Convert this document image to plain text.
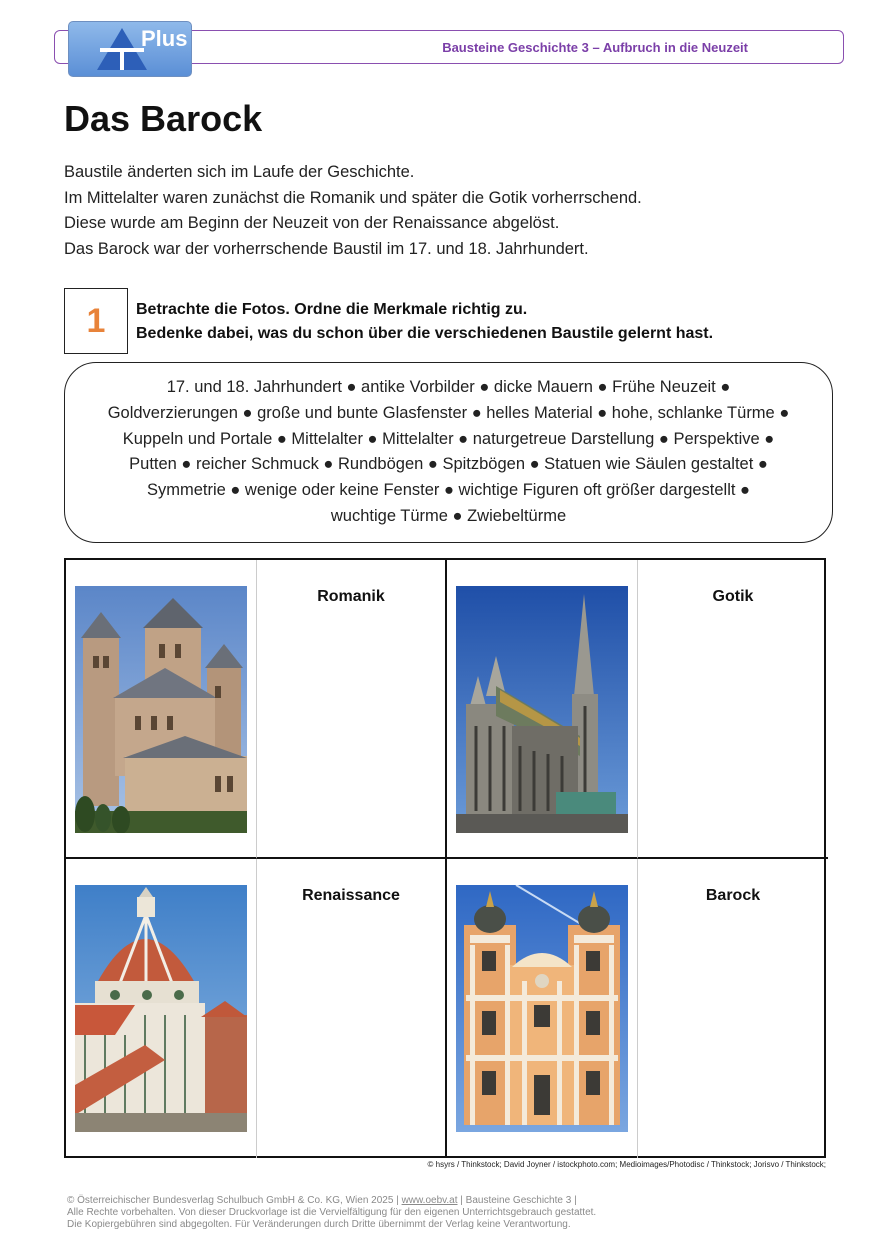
Bausteine Geschichte 3 – Aufbruch in die Neuzeit
Plus
Das Barock

Baustile änderten sich im Laufe der Geschichte.

Im Mittelalter waren zunächst die Romanik und später die Gotik vorherrschend.

Diese wurde am Beginn der Neuzeit von der Renaissance abgelöst.

Das Barock war der vorherrschende Baustil im 17. und 18. Jahrhundert.

1	Betrachte die Fotos. Ordne die Merkmale richtig zu.

Bedenke dabei, was du schon über die verschiedenen Baustile gelernt hast.

17. und 18. Jahrhundert ● antike Vorbilder ● dicke Mauern ● Frühe Neuzeit ●

Goldverzierungen ● große und bunte Glasfenster ● helles Material ● hohe, schlanke Türme ●

Kuppeln und Portale ● Mittelalter ● Mittelalter ● naturgetreue Darstellung ● Perspektive ●

Putten ● reicher Schmuck ● Rundbögen ● Spitzbögen ● Statuen wie Säulen gestaltet ●

Symmetrie ● wenige oder keine Fenster ● wichtige Figuren oft größer dargestellt ●

wuchtige Türme ● Zwiebeltürme

Romanik	Gotik
Renaissance	Barock
© hsyrs / Thinkstock; David Joyner / istockphoto.com; Medioimages/Photodisc / Thinkstock; Jorisvo / Thinkstock;

© Österreichischer Bundesverlag Schulbuch GmbH & Co. KG, Wien 2025 | www.oebv.at | Bausteine Geschichte 3 |

Alle Rechte vorbehalten. Von dieser Druckvorlage ist die Vervielfältigung für den eigenen Unterrichtsgebrauch gestattet.

Die Kopiergebühren sind abgegolten. Für Veränderungen durch Dritte übernimmt der Verlag keine Verantwortung.
